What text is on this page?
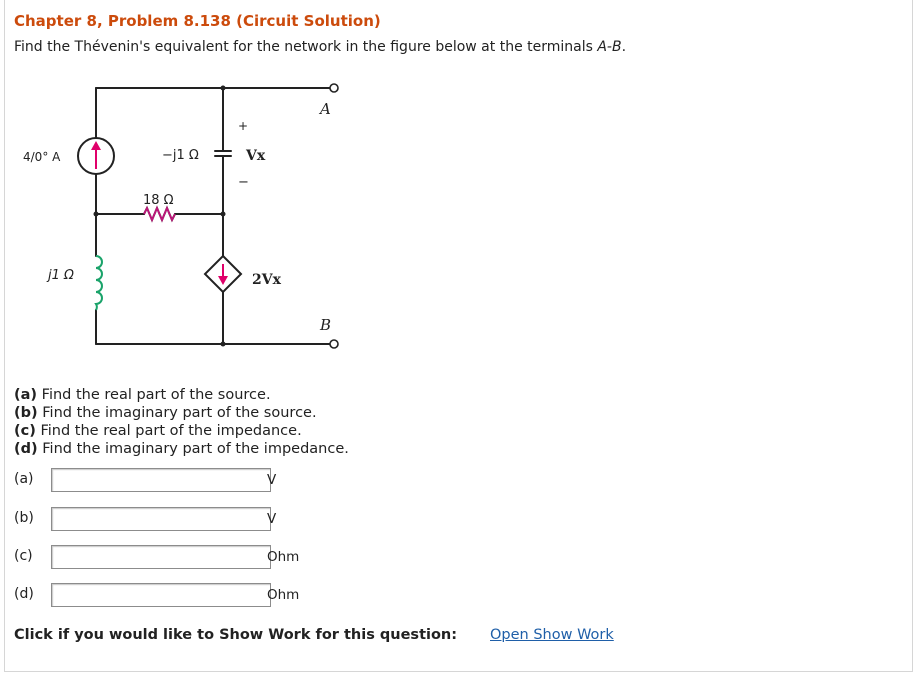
Chapter 8, Problem 8.138 (Circuit Solution)
Find the Thévenin's equivalent for the network in the figure below at the terminals A-B.
4/0° A	−j1 Ω
+
Vx
−
18 Ω
j1 Ω	2Vx
A
B
(a) Find the real part of the source.
(b) Find the imaginary part of the source.
(c) Find the real part of the impedance.
(d) Find the imaginary part of the impedance.
(a)	V
(b)	V
(c)	Ohm
(d)	Ohm
Click if you would like to Show Work for this question: Open Show Work
